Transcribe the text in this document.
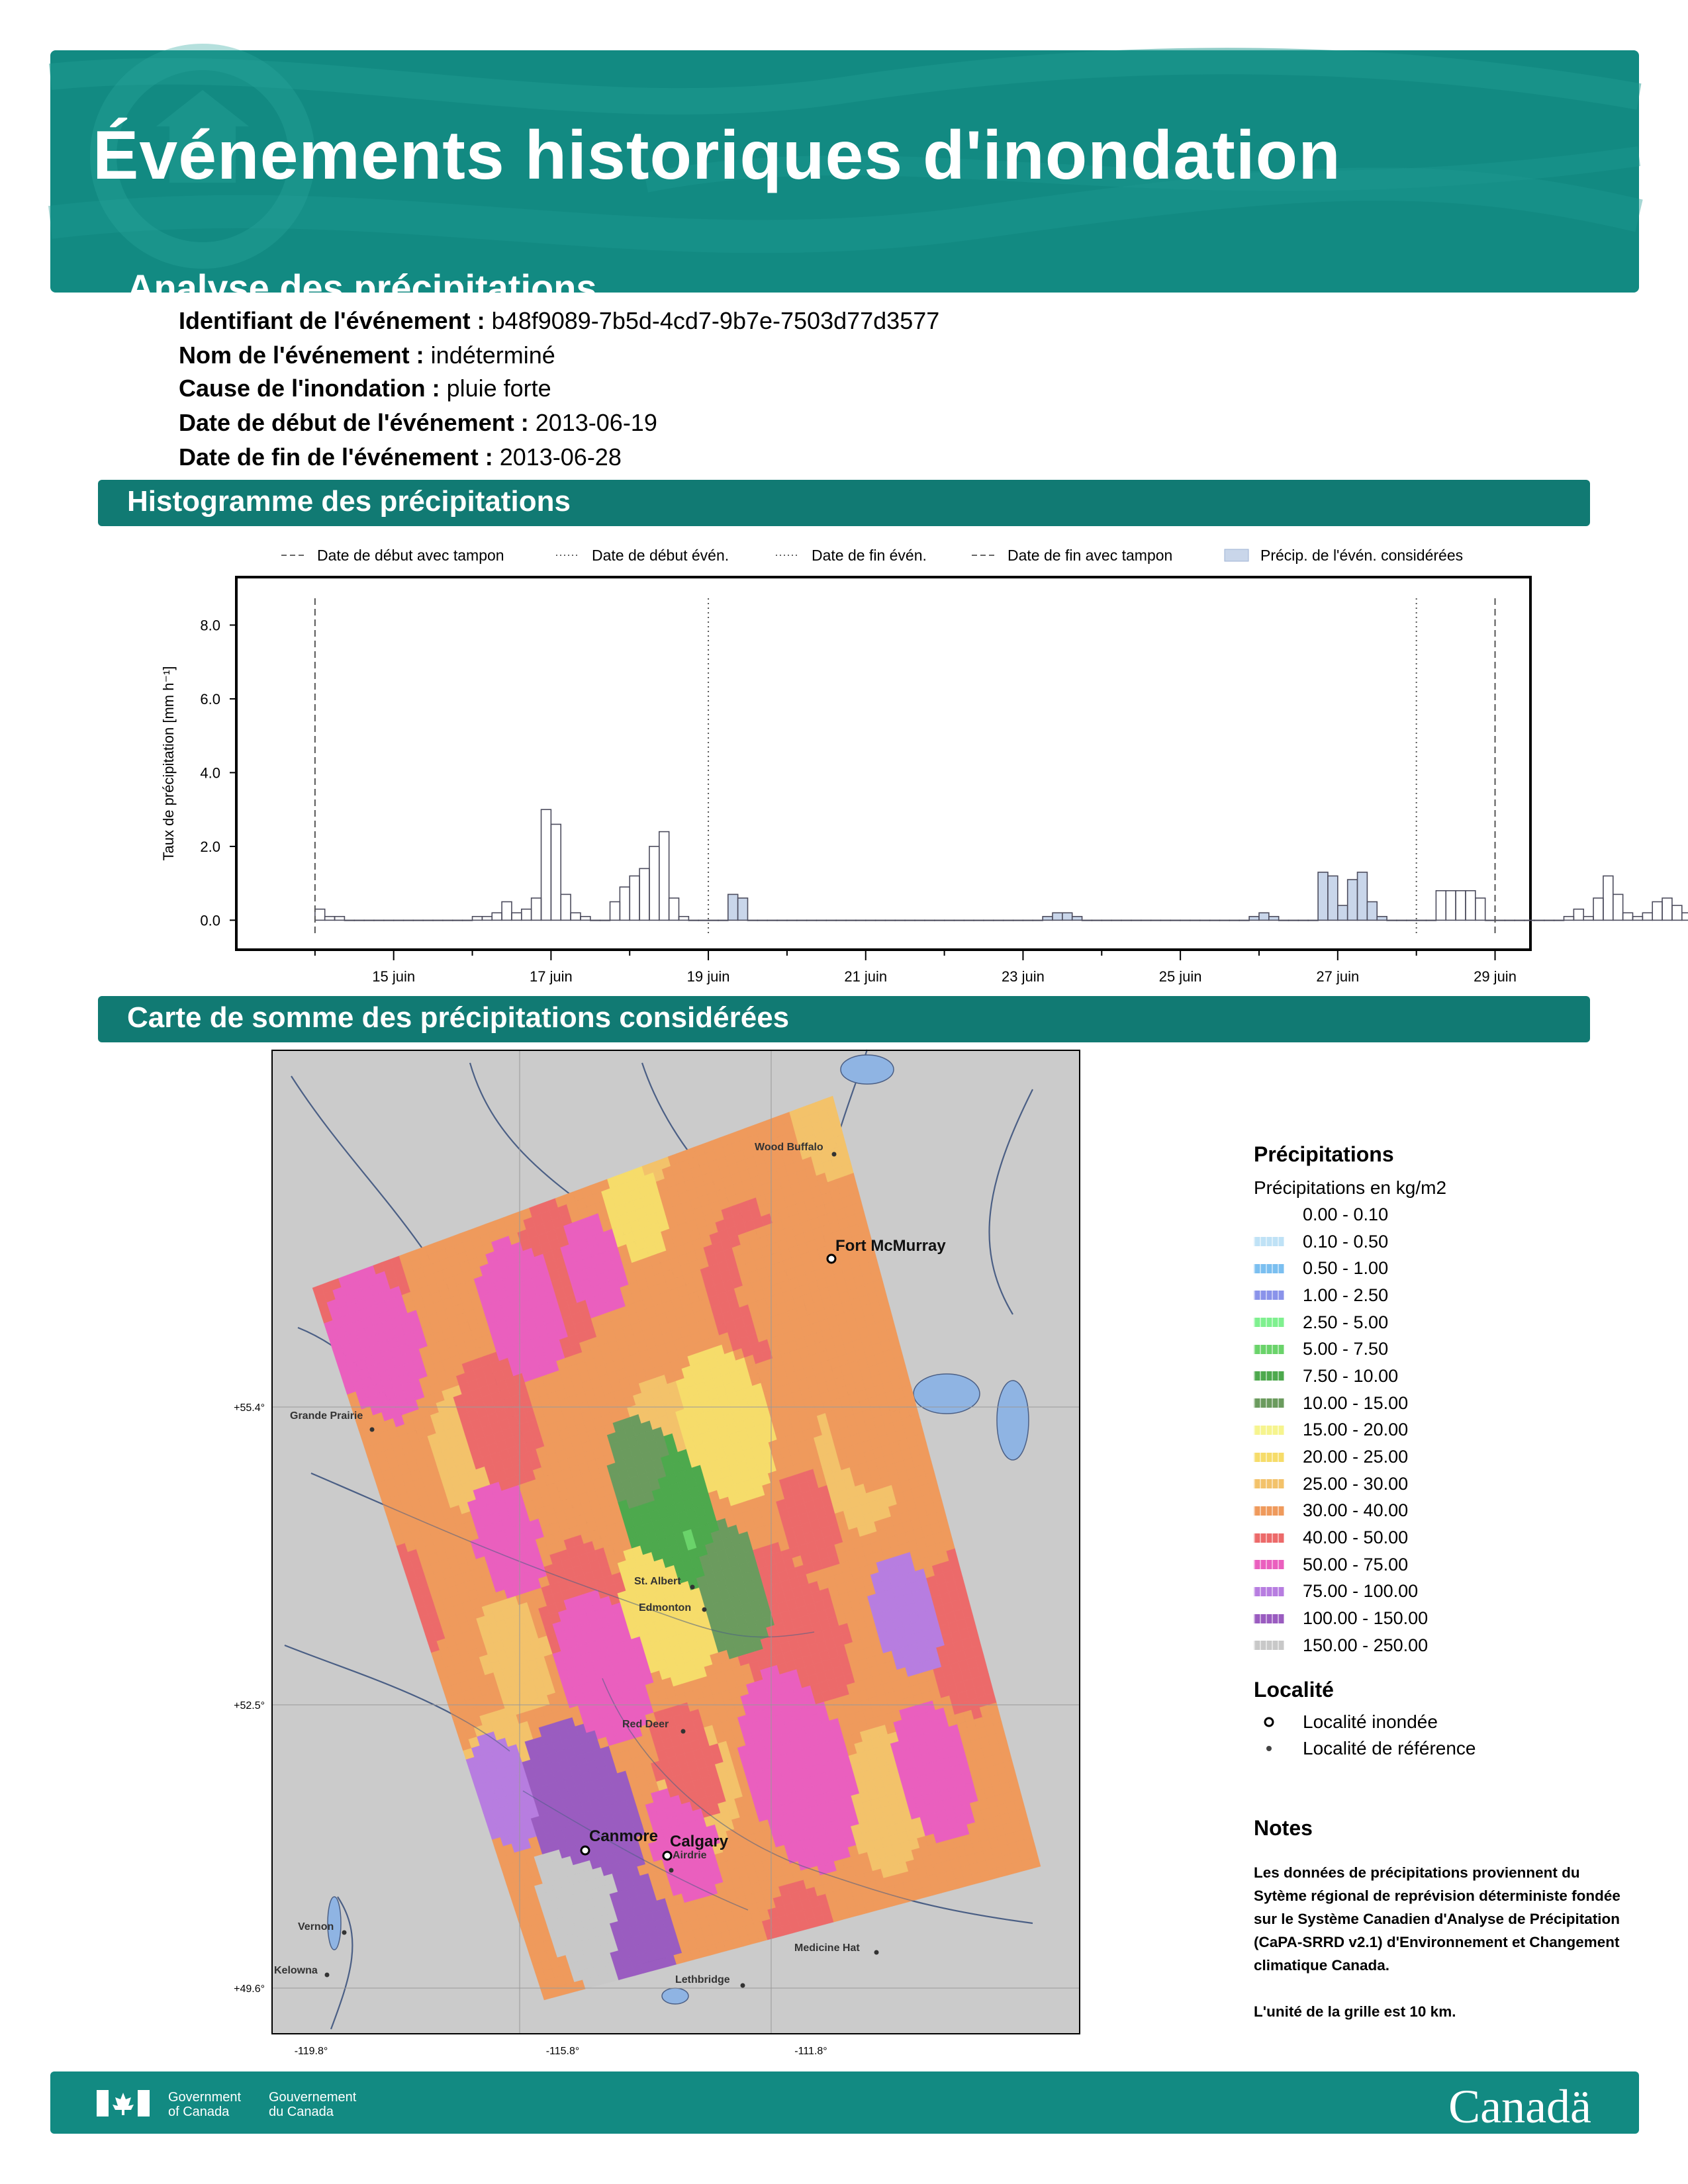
Événements historiques d'inondation
Analyse des précipitations
Identifiant de l'événement : b48f9089-7b5d-4cd7-9b7e-7503d77d3577
Nom de l'événement : indéterminé
Cause de l'inondation : pluie forte
Date de début de l'événement : 2013-06-19
Date de fin de l'événement : 2013-06-28
Histogramme des précipitations
Date de début avec tampon	Date de début évén.	Date de fin évén.	Date de fin avec tampon	Précip. de l'évén. considérées
0.0
2.0
4.0
6.0
8.0
Taux de précipitation [mm h⁻¹]
15 juin	17 juin	19 juin	21 juin	23 juin	25 juin	27 juin	29 juin
Carte de somme des précipitations considérées
+55.4°
+52.5°
+49.6°
-119.8°	-115.8°	-111.8°
Wood Buffalo
Fort McMurray
Grande Prairie
St. Albert
Edmonton
Red Deer
Airdrie
Canmore Calgary
Vernon
Kelowna
Medicine Hat
Lethbridge
Précipitations
Précipitations en kg/m2
0.00 - 0.10
0.10 - 0.50
0.50 - 1.00
1.00 - 2.50
2.50 - 5.00
5.00 - 7.50
7.50 - 10.00
10.00 - 15.00
15.00 - 20.00
20.00 - 25.00
25.00 - 30.00
30.00 - 40.00
40.00 - 50.00
50.00 - 75.00
75.00 - 100.00
100.00 - 150.00
150.00 - 250.00
Localité
Localité inondée
Localité de référence
Notes

Les données de précipitations proviennent du Sytème régional de reprévision déterministe fondée sur le Système Canadien d'Analyse de Précipitation (CaPA-SRRD v2.1) d'Environnement et Changement climatique Canada.

L'unité de la grille est 10 km.

Government of Canada
Gouvernement du Canada	Canadä
